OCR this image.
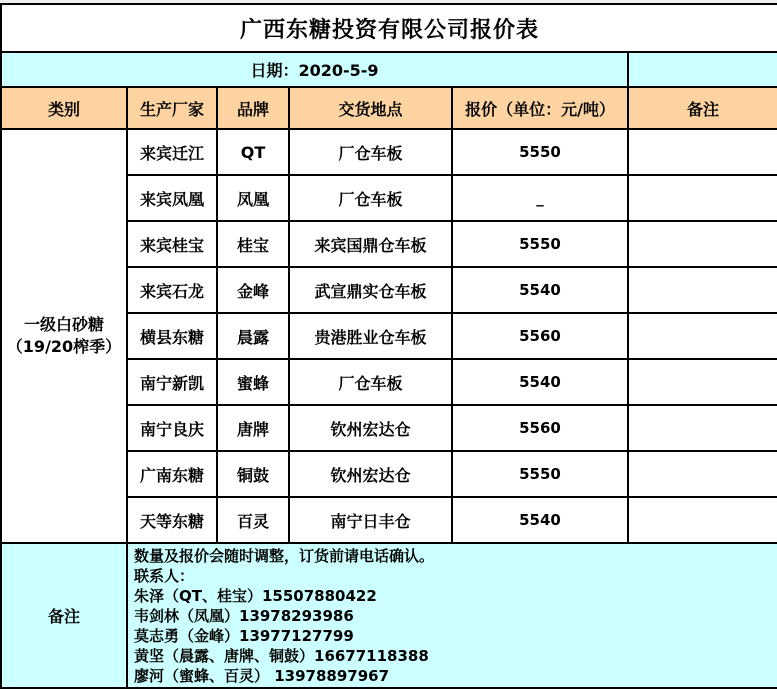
广西东糖投资有限公司报价表					
日期：2020-5-9					
类别	生产厂家	品牌	交货地点	报价（单位：元/吨）	备注

一级白砂糖
（19/20榨季）	来宾迁江	QT	厂仓车板	5550	
	来宾凤凰	凤凰	厂仓车板	_	
	来宾桂宝	桂宝	来宾国鼎仓车板	5550	
	来宾石龙	金峰	武宣鼎实仓车板	5540	
	横县东糖	晨露	贵港胜业仓车板	5560	
	南宁新凯	蜜蜂	厂仓车板	5540	
	南宁良庆	唐牌	钦州宏达仓	5560	
	广南东糖	铜鼓	钦州宏达仓	5550	
	天等东糖	百灵	南宁日丰仓	5540	
备注	
数量及报价会随时调整，订货前请电话确认。
联系人：
朱泽（QT、桂宝）15507880422
韦剑林（凤凰）13978293986
莫志勇（金峰）13977127799
黄坚（晨露、唐牌、铜鼓）16677118388
廖河（蜜蜂、百灵） 13978897967
